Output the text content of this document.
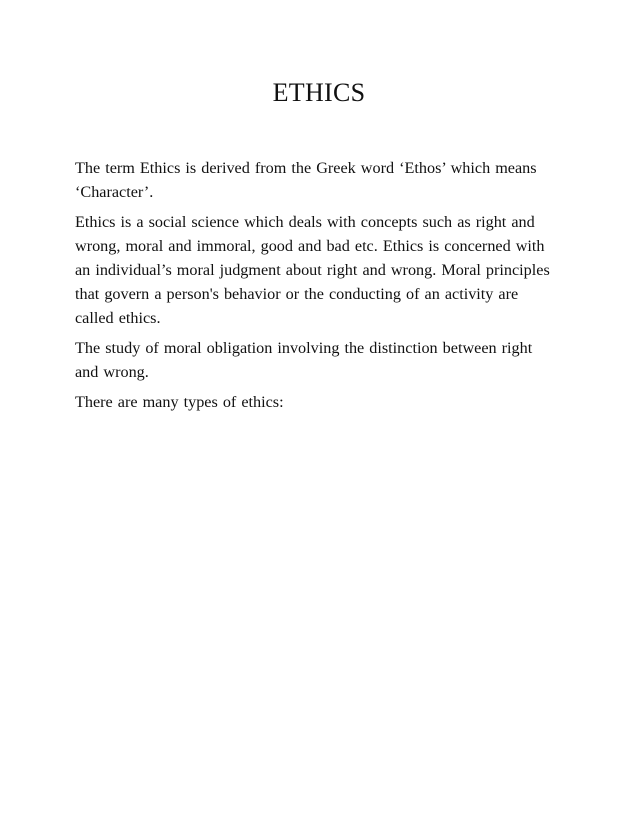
ETHICS

The term Ethics is derived from the Greek word ‘Ethos’ which means
‘Character’.

Ethics is a social science which deals with concepts such as right and
wrong, moral and immoral, good and bad etc. Ethics is concerned with
an individual’s moral judgment about right and wrong. Moral principles
that govern a person's behavior or the conducting of an activity are
called ethics.

The study of moral obligation involving the distinction between right
and wrong.

There are many types of ethics:
